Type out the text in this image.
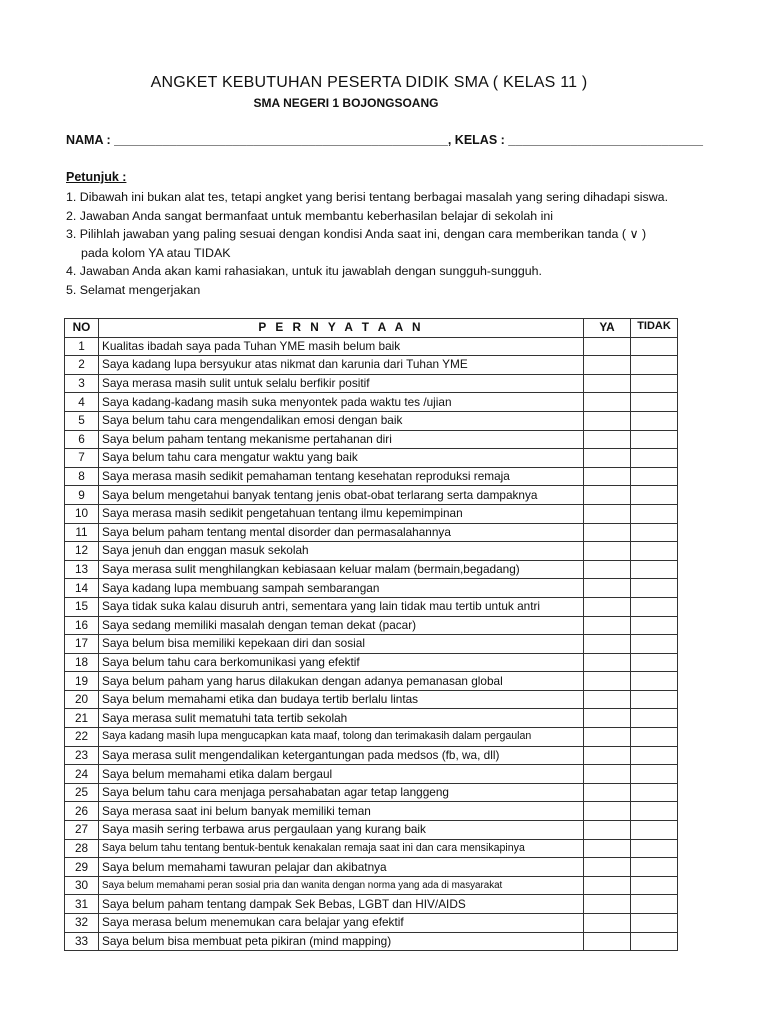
ANGKET KEBUTUHAN PESERTA DIDIK SMA ( KELAS 11 )
SMA NEGERI 1 BOJONGSOANG
NAMA : ________________________________________________, KELAS : ____________________________
Petunjuk :
1. Dibawah ini bukan alat tes, tetapi angket yang berisi tentang berbagai masalah yang sering dihadapi siswa.
2. Jawaban Anda sangat bermanfaat untuk membantu keberhasilan belajar di sekolah ini
3. Pilihlah jawaban yang paling sesuai dengan kondisi Anda saat ini, dengan cara memberikan tanda ( ∨ )
pada kolom YA atau TIDAK
4. Jawaban Anda akan kami rahasiakan, untuk itu jawablah dengan sungguh-sungguh.
5. Selamat mengerjakan
NO	P E R N Y A T A A N	YA	TIDAK
1	Kualitas ibadah saya pada Tuhan YME masih belum baik		
2	Saya kadang lupa bersyukur atas nikmat dan karunia dari Tuhan YME		
3	Saya merasa masih sulit untuk selalu berfikir positif		
4	Saya kadang-kadang masih suka menyontek pada waktu tes /ujian		
5	Saya belum tahu cara mengendalikan emosi dengan baik		
6	Saya belum paham tentang mekanisme pertahanan diri		
7	Saya belum tahu cara mengatur waktu yang baik		
8	Saya merasa masih sedikit pemahaman tentang kesehatan reproduksi remaja		
9	Saya belum mengetahui banyak tentang jenis obat-obat terlarang serta dampaknya		
10	Saya merasa masih sedikit pengetahuan tentang ilmu kepemimpinan		
11	Saya belum paham tentang mental disorder dan permasalahannya		
12	Saya jenuh dan enggan masuk sekolah		
13	Saya merasa sulit menghilangkan kebiasaan keluar malam (bermain,begadang)		
14	Saya kadang lupa membuang sampah sembarangan		
15	Saya tidak suka kalau disuruh antri, sementara yang lain tidak mau tertib untuk antri		
16	Saya sedang memiliki masalah dengan teman dekat (pacar)		
17	Saya belum bisa memiliki kepekaan diri dan sosial		
18	Saya belum tahu cara berkomunikasi yang efektif		
19	Saya belum paham yang harus dilakukan dengan adanya pemanasan global		
20	Saya belum memahami etika dan budaya tertib berlalu lintas		
21	Saya merasa sulit mematuhi tata tertib sekolah		
22	Saya kadang masih lupa mengucapkan kata maaf, tolong dan terimakasih dalam pergaulan		
23	Saya merasa sulit mengendalikan ketergantungan pada medsos (fb, wa, dll)		
24	Saya belum memahami etika dalam bergaul		
25	Saya belum tahu cara menjaga persahabatan agar tetap langgeng		
26	Saya merasa saat ini belum banyak memiliki teman		
27	Saya masih sering terbawa arus pergaulaan yang kurang baik		
28	Saya belum tahu tentang bentuk-bentuk kenakalan remaja saat ini dan cara mensikapinya		
29	Saya belum memahami tawuran pelajar dan akibatnya		
30	Saya belum memahami peran sosial pria dan wanita dengan norma yang ada di masyarakat		
31	Saya belum paham tentang dampak Sek Bebas, LGBT dan HIV/AIDS		
32	Saya merasa belum menemukan cara belajar yang efektif		
33	Saya belum bisa membuat peta pikiran (mind mapping)		
